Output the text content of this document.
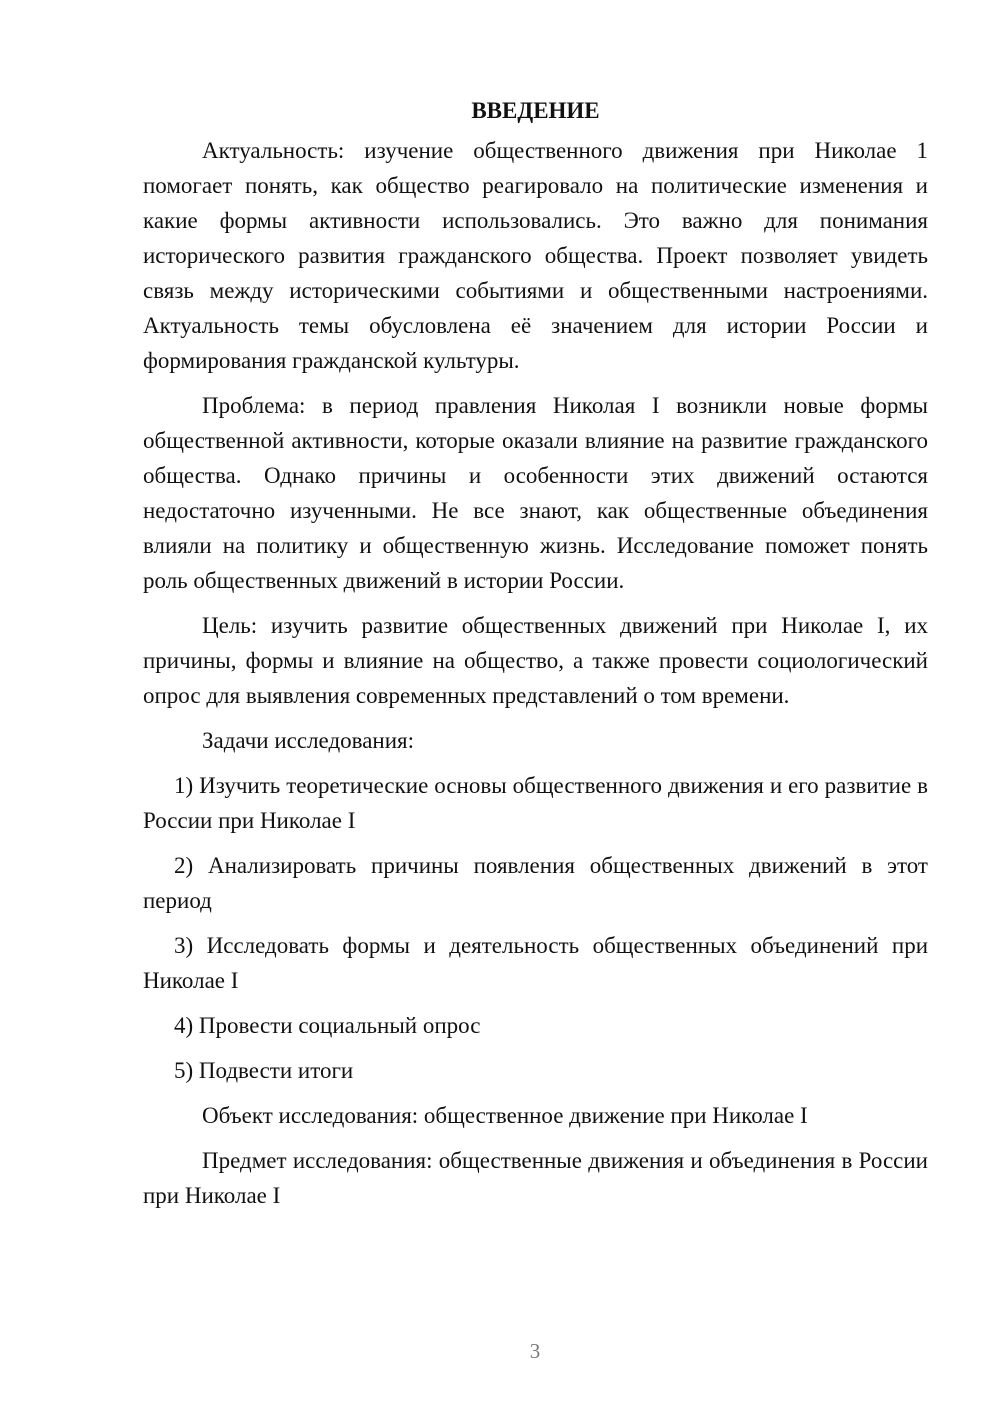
ВВЕДЕНИЕ

Актуальность: изучение общественного движения при Николае 1 помогает понять, как общество реагировало на политические изменения и какие формы активности использовались. Это важно для понимания исторического развития гражданского общества. Проект позволяет увидеть связь между историческими событиями и общественными настроениями. Актуальность темы обусловлена её значением для истории России и формирования гражданской культуры.

Проблема: в период правления Николая I возникли новые формы общественной активности, которые оказали влияние на развитие гражданского общества. Однако причины и особенности этих движений остаются недостаточно изученными. Не все знают, как общественные объединения влияли на политику и общественную жизнь. Исследование поможет понять роль общественных движений в истории России.

Цель: изучить развитие общественных движений при Николае I, их причины, формы и влияние на общество, а также провести социологический опрос для выявления современных представлений о том времени.

Задачи исследования:

1) Изучить теоретические основы общественного движения и его развитие в России при Николае I

2) Анализировать причины появления общественных движений в этот период

3) Исследовать формы и деятельность общественных объединений при Николае I

4) Провести социальный опрос

5) Подвести итоги

Объект исследования: общественное движение при Николае I

Предмет исследования: общественные движения и объединения в России при Николае I

3
